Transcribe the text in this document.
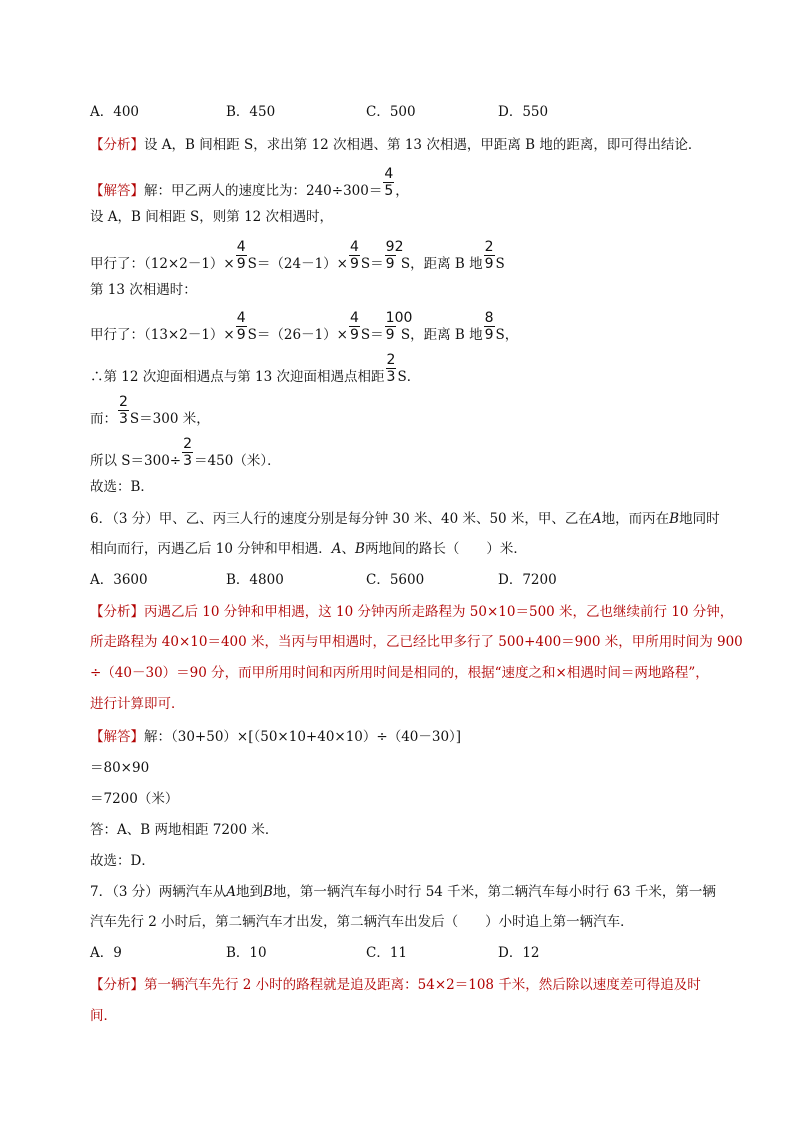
A．400	B．450	C．500	D．550
【分析】设 A，B 间相距 S，求出第 12 次相遇、第 13 次相遇，甲距离 B 地的距离，即可得出结论．
【解答】解：甲乙两人的速度比为：$240\div 300= \frac{4}{5}$ ，
设 A，B 间相距 S，则第 12 次相遇时，
甲行了：$(12\times 2-1)\times \frac{4}{9} S=(24-1)\times \frac{4}{9} S= \frac{92}{9}$ S，距离 B 地 $\frac{2}{9}$ S
第 13 次相遇时：
甲行了：$(13\times 2-1)\times \frac{4}{9} S=(26-1)\times \frac{4}{9} S= \frac{100}{9}$ S，距离 B 地 $\frac{8}{9}$ S，
∴第 12 次迎面相遇点与第 13 次迎面相遇点相距 $\frac{2}{3}$ S．
而： $\frac{2}{3} S=300$ 米，
所以 $S=300\div \frac{2}{3} =450$（米）．
故选：B．
6．（3 分）甲、乙、丙三人行的速度分别是每分钟 30 米、40 米、50 米，甲、乙在A地，而丙在B地同时
相向而行，丙遇乙后 10 分钟和甲相遇．A、B两地间的路长（　　）米．
A．3600	B．4800	C．5600	D．7200
【分析】丙遇乙后 10 分钟和甲相遇，这 10 分钟丙所走路程为 50×10＝500 米，乙也继续前行 10 分钟，
所走路程为 40×10＝400 米，当丙与甲相遇时，乙已经比甲多行了 500+400＝900 米，甲所用时间为 900
÷（40－30）＝90 分，而甲所用时间和丙所用时间是相同的，根据“速度之和×相遇时间＝两地路程”，
进行计算即可．
【解答】解：（30+50）×[（50×10+40×10）÷（40－30）]
＝80×90
＝7200（米）
答：A、B 两地相距 7200 米．
故选：D．
7．（3 分）两辆汽车从A地到B地，第一辆汽车每小时行 54 千米，第二辆汽车每小时行 63 千米，第一辆
汽车先行 2 小时后，第二辆汽车才出发，第二辆汽车出发后（　　）小时追上第一辆汽车．
A．9	B．10	C．11	D．12
【分析】第一辆汽车先行 2 小时的路程就是追及距离：54×2＝108 千米，然后除以速度差可得追及时
间．
